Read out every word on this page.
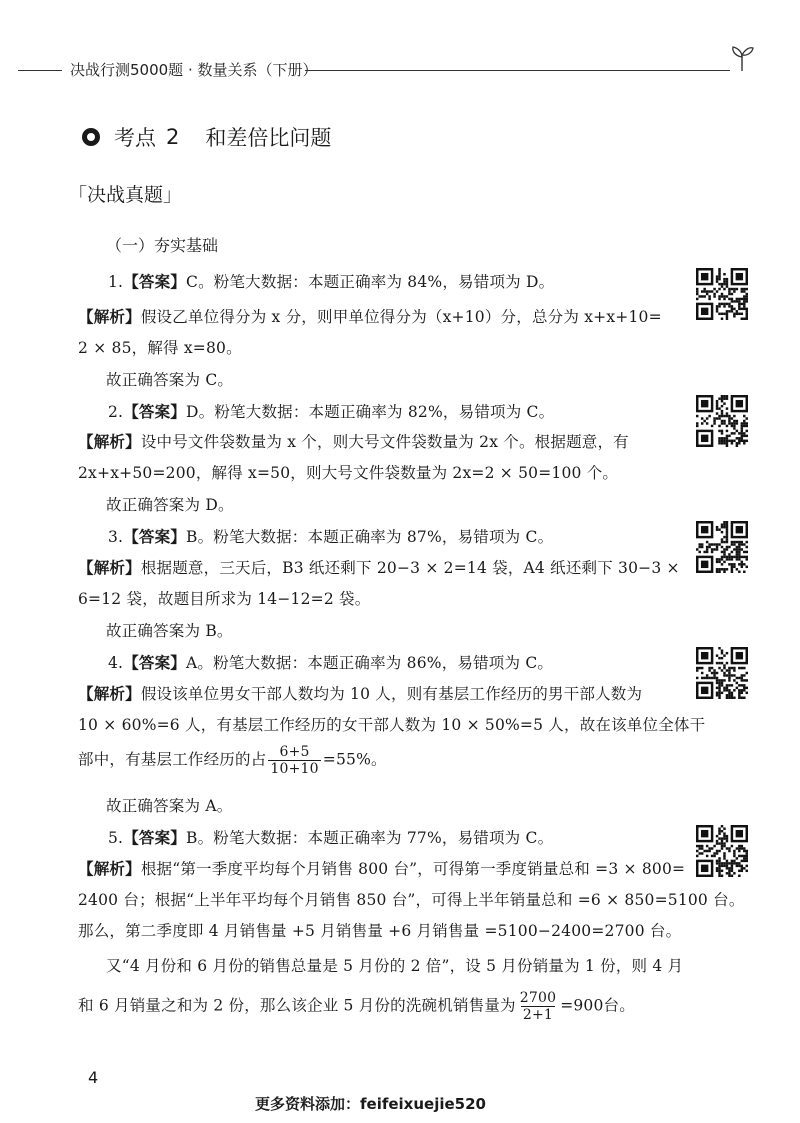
决战行测5000题 · 数量关系（下册）
考点 2 和差倍比问题
「决战真题」
（一）夯实基础
1.【答案】C。粉笔大数据：本题正确率为 84%，易错项为 D。
【解析】假设乙单位得分为 x 分，则甲单位得分为（x+10）分，总分为 x+x+10=
2 × 85，解得 x=80。
故正确答案为 C。
2.【答案】D。粉笔大数据：本题正确率为 82%，易错项为 C。
【解析】设中号文件袋数量为 x 个，则大号文件袋数量为 2x 个。根据题意，有
2x+x+50=200，解得 x=50，则大号文件袋数量为 2x=2 × 50=100 个。
故正确答案为 D。
3.【答案】B。粉笔大数据：本题正确率为 87%，易错项为 C。
【解析】根据题意，三天后，B3 纸还剩下 20−3 × 2=14 袋，A4 纸还剩下 30−3 ×
6=12 袋，故题目所求为 14−12=2 袋。
故正确答案为 B。
4.【答案】A。粉笔大数据：本题正确率为 86%，易错项为 C。
【解析】假设该单位男女干部人数均为 10 人，则有基层工作经历的男干部人数为
10 × 60%=6 人，有基层工作经历的女干部人数为 10 × 50%=5 人，故在该单位全体干
部中，有基层工作经历的占 $\frac{6+5}{10+10} =55\%$。
故正确答案为 A。
5.【答案】B。粉笔大数据：本题正确率为 77%，易错项为 C。
【解析】根据“第一季度平均每个月销售 800 台”，可得第一季度销量总和 =3 × 800=
2400 台；根据“上半年平均每个月销售 850 台”，可得上半年销量总和 =6 × 850=5100 台。
那么，第二季度即 4 月销售量 +5 月销售量 +6 月销售量 =5100−2400=2700 台。
又“4 月份和 6 月份的销售总量是 5 月份的 2 倍”，设 5 月份销量为 1 份，则 4 月
和 6 月销量之和为 2 份，那么该企业 5 月份的洗碗机销售量为 $\frac{2700}{2+1} =900$台。
4
更多资料添加：feifeixuejie520
